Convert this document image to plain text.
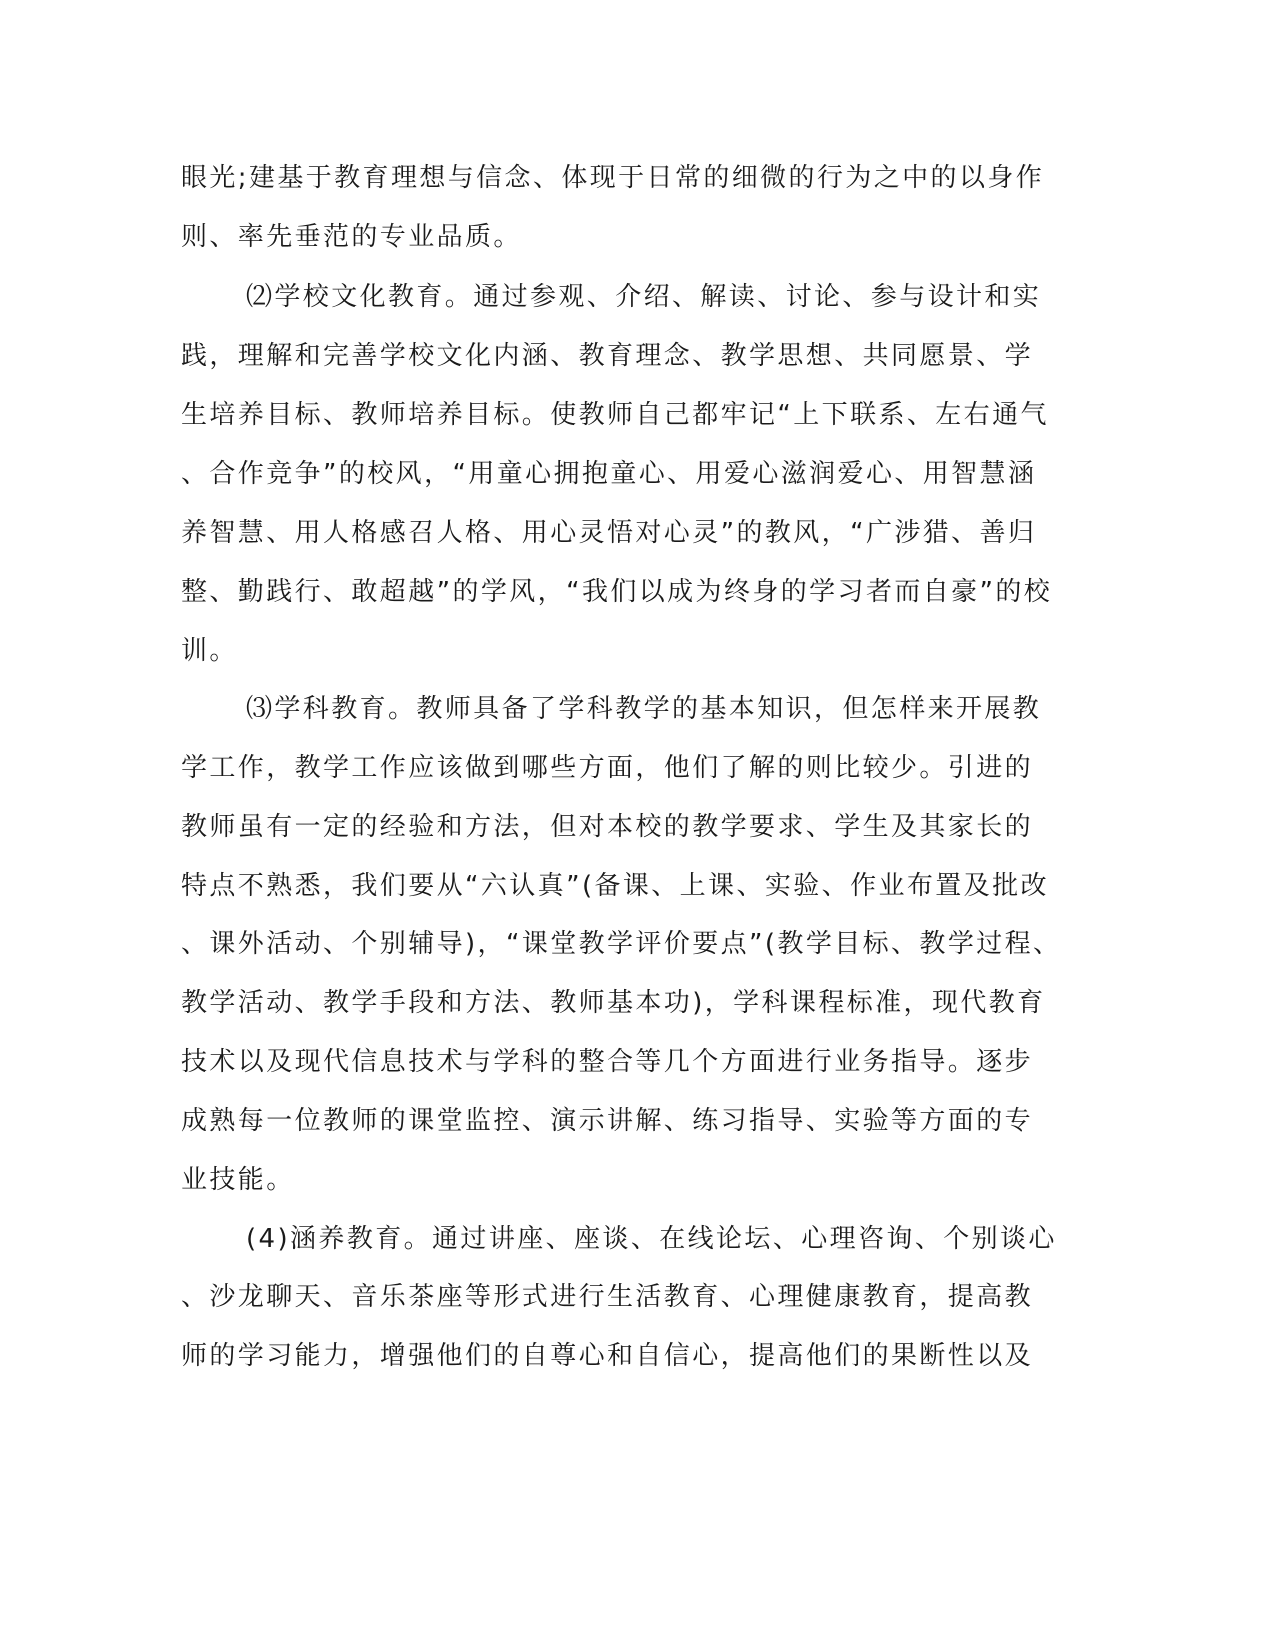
眼光;建基于教育理想与信念、体现于日常的细微的行为之中的以身作
则、率先垂范的专业品质。
⑵学校文化教育。通过参观、介绍、解读、讨论、参与设计和实
践，理解和完善学校文化内涵、教育理念、教学思想、共同愿景、学
生培养目标、教师培养目标。使教师自己都牢记“上下联系、左右通气
、合作竞争”的校风，“用童心拥抱童心、用爱心滋润爱心、用智慧涵
养智慧、用人格感召人格、用心灵悟对心灵”的教风，“广涉猎、善归
整、勤践行、敢超越”的学风，“我们以成为终身的学习者而自豪”的校
训。
⑶学科教育。教师具备了学科教学的基本知识，但怎样来开展教
学工作，教学工作应该做到哪些方面，他们了解的则比较少。引进的
教师虽有一定的经验和方法，但对本校的教学要求、学生及其家长的
特点不熟悉，我们要从“六认真”(备课、上课、实验、作业布置及批改
、课外活动、个别辅导)，“课堂教学评价要点”(教学目标、教学过程、
教学活动、教学手段和方法、教师基本功)，学科课程标准，现代教育
技术以及现代信息技术与学科的整合等几个方面进行业务指导。逐步
成熟每一位教师的课堂监控、演示讲解、练习指导、实验等方面的专
业技能。
(4)涵养教育。通过讲座、座谈、在线论坛、心理咨询、个别谈心
、沙龙聊天、音乐茶座等形式进行生活教育、心理健康教育，提高教
师的学习能力，增强他们的自尊心和自信心，提高他们的果断性以及
